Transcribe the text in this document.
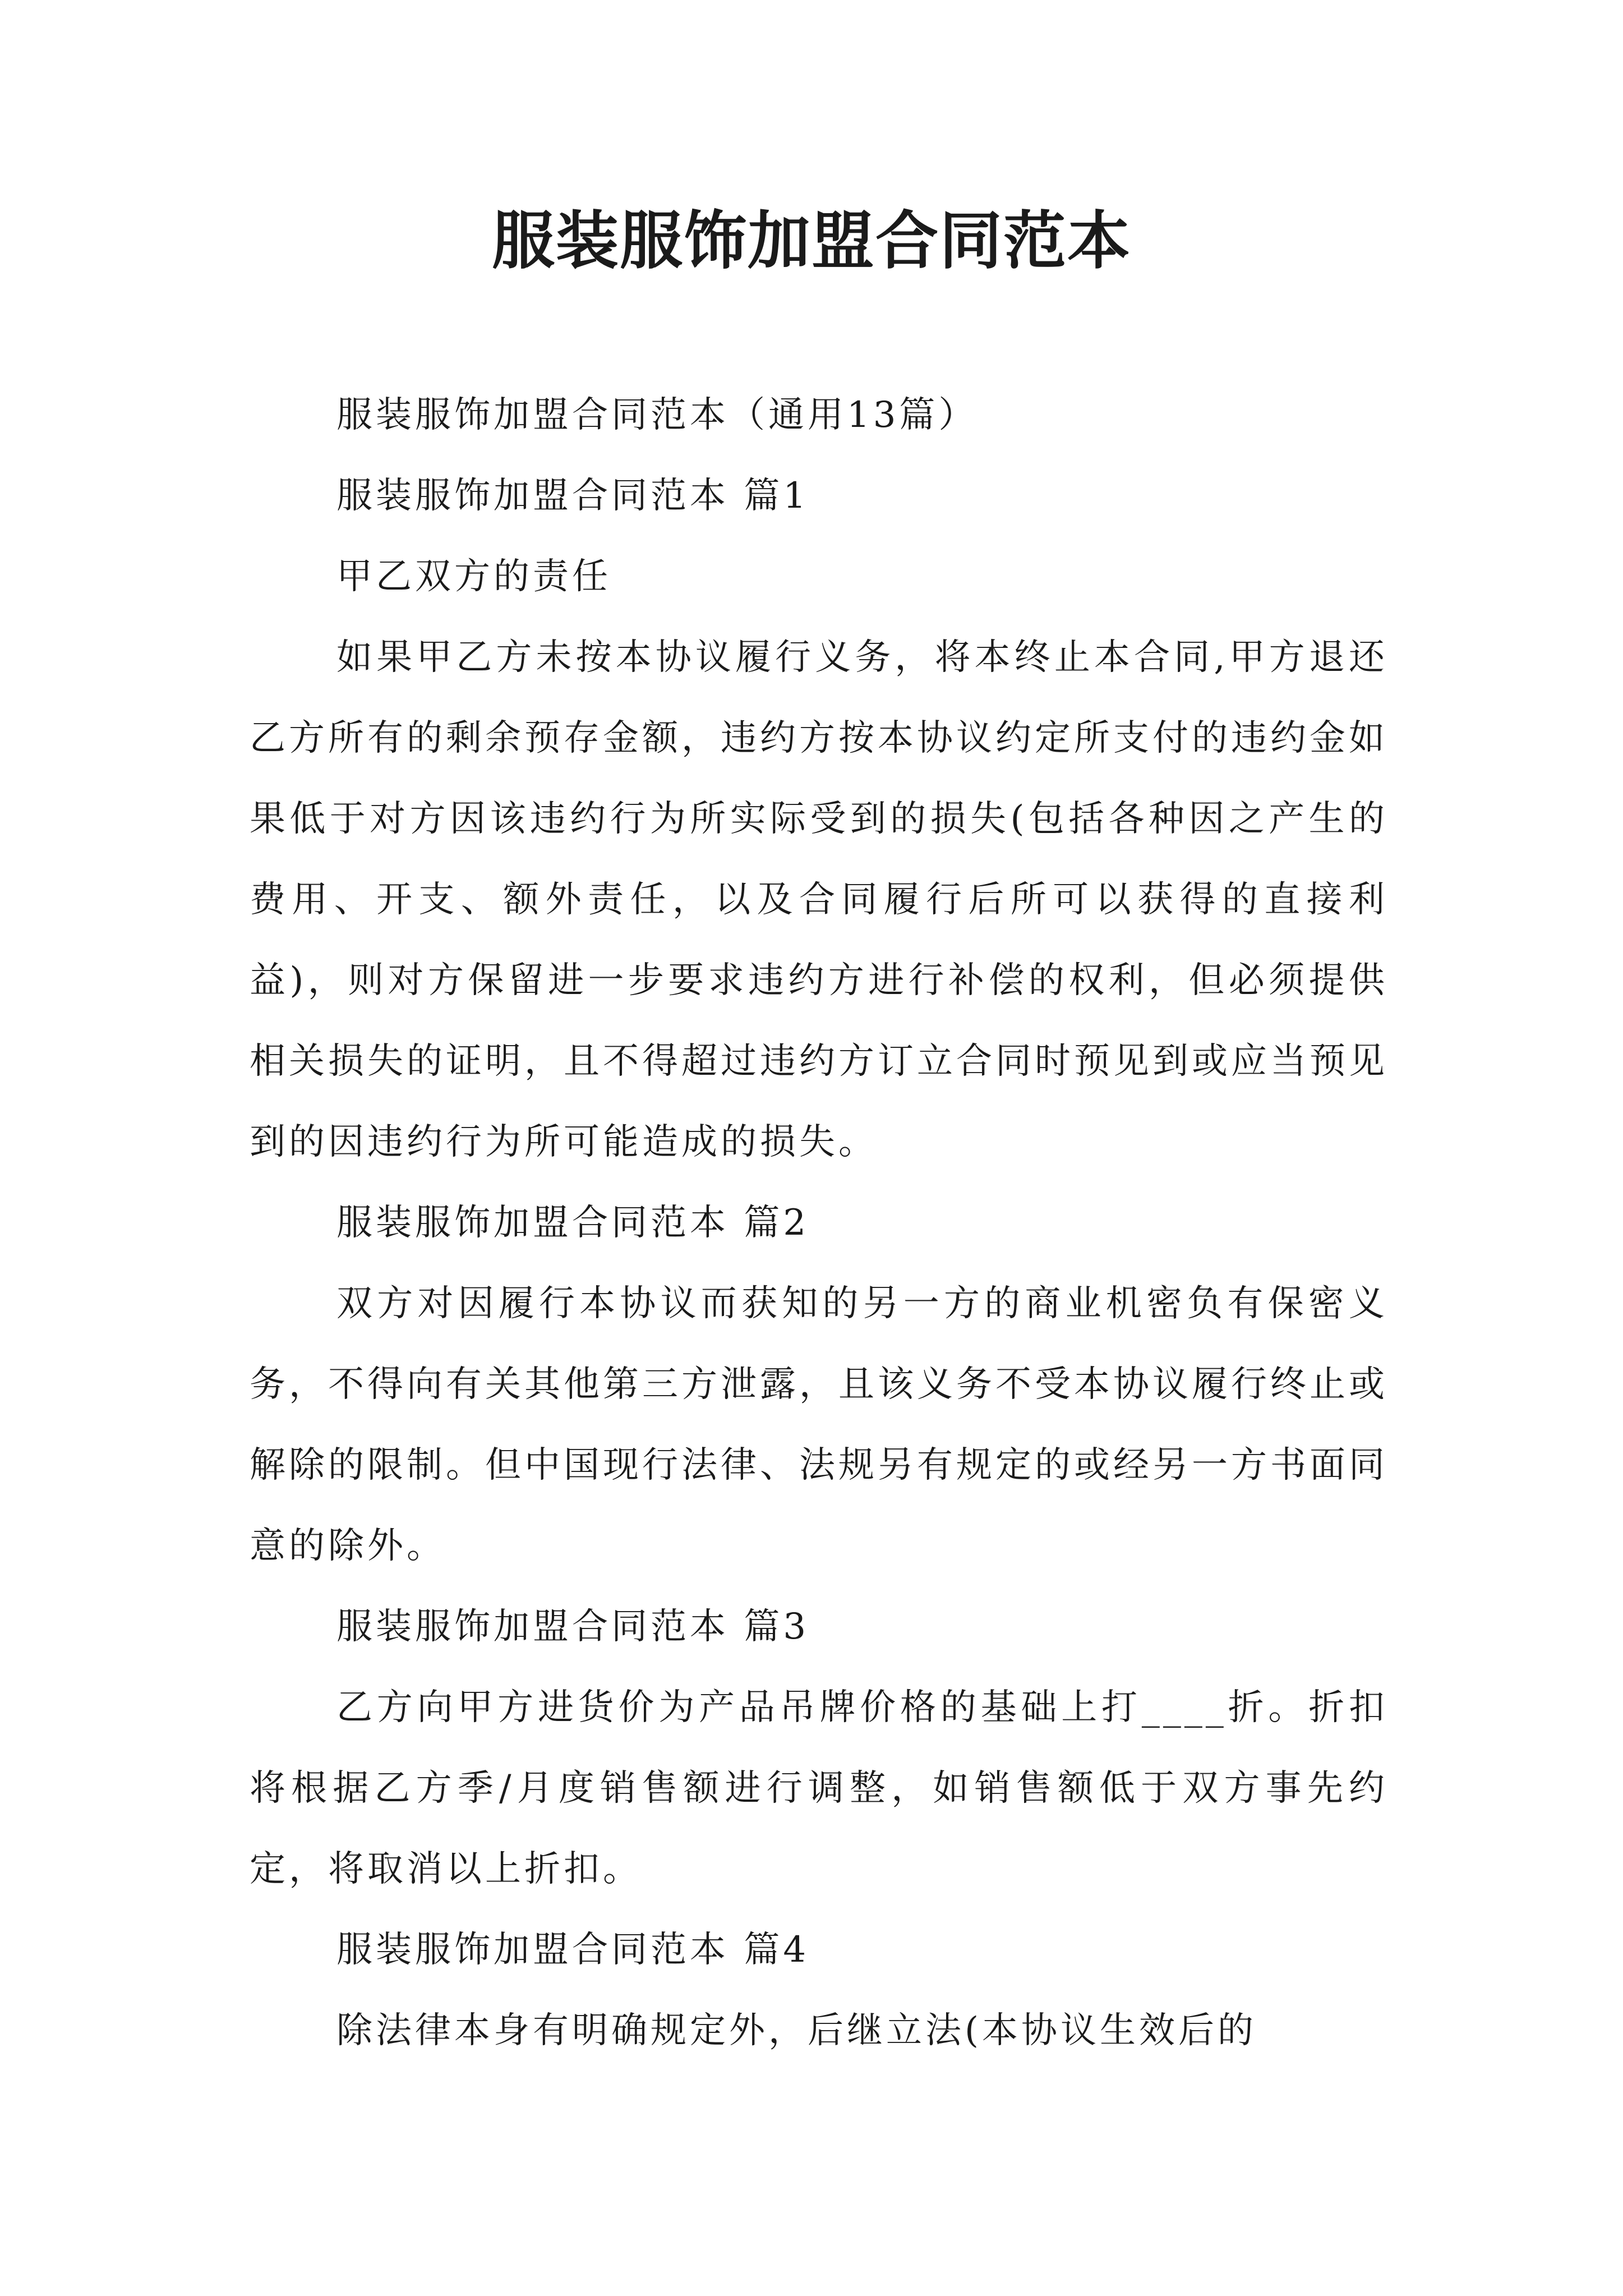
服装服饰加盟合同范本

服装服饰加盟合同范本（通用13篇）

服装服饰加盟合同范本 篇1

甲乙双方的责任

如果甲乙方未按本协议履行义务，将本终止本合同,甲方退还乙方所有的剩余预存金额，违约方按本协议约定所支付的违约金如果低于对方因该违约行为所实际受到的损失(包括各种因之产生的费用、开支、额外责任，以及合同履行后所可以获得的直接利益)，则对方保留进一步要求违约方进行补偿的权利，但必须提供相关损失的证明，且不得超过违约方订立合同时预见到或应当预见到的因违约行为所可能造成的损失。

服装服饰加盟合同范本 篇2

双方对因履行本协议而获知的另一方的商业机密负有保密义务，不得向有关其他第三方泄露，且该义务不受本协议履行终止或解除的限制。但中国现行法律、法规另有规定的或经另一方书面同意的除外。

服装服饰加盟合同范本 篇3

乙方向甲方进货价为产品吊牌价格的基础上打____折。折扣将根据乙方季/月度销售额进行调整，如销售额低于双方事先约定，将取消以上折扣。

服装服饰加盟合同范本 篇4

除法律本身有明确规定外，后继立法(本协议生效后的
